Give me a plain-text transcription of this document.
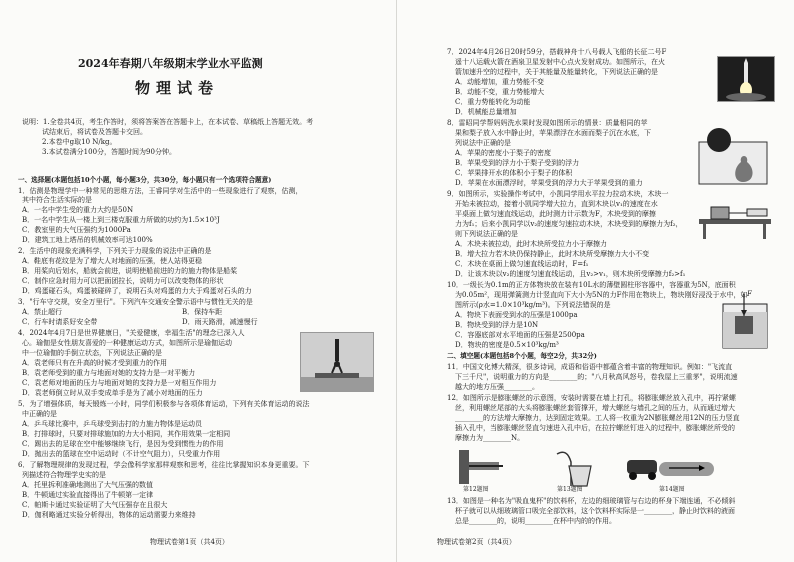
2024年春期八年级期末学业水平监测
物理试卷
说明：1.全卷共4页，考生作答时，须将答案答在答题卡上，在本试卷、草稿纸上答题无效。考
试结束后，将试卷及答题卡交回。
2.本卷中g取10 N/kg。
3.本试卷满分100分，答题时间为90分钟。
一、选择题(本题包括10个小题，每小题3分，共30分，每小题只有一个选项符合题意)
1．估测是物理学中一种常见的思维方法，王睿同学对生活中的一些现象进行了观察，估测，
其中符合生活实际的是
A．一名中学生受的重力大约是50N
B．一名中学生从一楼上到三楼克服重力所做的功约为1.5×10³J
C．教室里的大气压强约为1000Pa
D．建筑工地上塔吊的机械效率可达100%
2．生活中的现象充满科学，下列关于力现象的说法中正确的是
A．鞋底有花纹是为了增大人对地面的压强，使人站得更稳
B．用桨向后划水，船就会前进，说明使船前进的力的施力物体是船桨
C．制作应急时用力可以把面团拉长，说明力可以改变物体的形状
D．鸡蛋碰石头，鸡蛋被碰碎了，说明石头对鸡蛋的力大于鸡蛋对石头的力
3．"行车守交规，安全万里行"。下列汽车交通安全警示语中与惯性无关的是
A．禁止超行	B．保持车距
C．行车时请系好安全带	D．雨天路滑，减速慢行
4．2024年4月7日是世界健康日，"关爱健康，幸福生活"的理念已深入人
心。瑜伽是女性朋友喜爱的一种健康运动方式，如图所示是瑜伽运动
中一位瑜伽的手倒立状态，下列说法正确的是
A．袁老师只有在升高的时候才受到重力的作用
B．袁老师受到的重力与地面对她的支持力是一对平衡力
C．袁老师对地面的压力与地面对她的支持力是一对相互作用力
D．袁老师倒立时从双手变成单手是为了减小对地面的压力
5．为了增强体质，每天锻炼一小时，同学们积极参与各项体育运动，下列有关体育运动的说法
中正确的是
A．乒乓球比赛中，乒乓球受到击打的力施力物体是运动员
B．打排球时，只要对排球施加的力大小相同，其作用效果一定相同
C．踢出去的足球在空中能够继续飞行，是因为受到惯性力的作用
D．抛出去的篮球在空中运动时（不计空气阻力），只受重力作用
6．了解物理规律的发现过程，学会像科学家那样观察和思考，往往比掌握知识本身更重要。下
列描述符合物理学史实的是
A．托里拆利准确地测出了大气压强的数值
B．牛顿通过实验直接得出了牛顿第一定律
C．帕斯卡通过实验证明了大气压强存在且很大
D．伽利略通过实验分析得出，物体的运动需要力来维持
物理试卷第1页（共4页）
7．2024年4月26日20时59分，搭载神舟十八号载人飞船的长征二号F
遥十八运载火箭在酒泉卫星发射中心点火发射成功。如图所示，在火
箭加速升空的过程中，关于其能量及能量转化，下列说法正确的是
A．动能增加，重力势能不变
B．动能不变，重力势能增大
C．重力势能转化为动能
D．机械能总量增加
8．雷昭同学帮妈妈洗水果时发现如图所示的情景：质量相同的苹
果和梨子放入水中静止时，苹果漂浮在水面而梨子沉在水底，下
列说法中正确的是
A．苹果的密度小于梨子的密度
B．苹果受到的浮力小于梨子受到的浮力
C．苹果排开水的体积小于梨子的体积
D．苹果在水面漂浮时，苹果受到的浮力大于苹果受到的重力
9．如图所示，实验操作考试中，小凯同学用水平拉力拉动木块，木块一
开始未被拉动，接着小凯同学增大拉力，直到木块以v₁的速度在水
平桌面上做匀速直线运动，此时测力计示数为F，木块受到的摩擦
力为f₁；后来小凯同学以v₂的速度匀速拉动木块，木块受到的摩擦力为f₂，
则下列说法正确的是
A．木块未被拉动，此时木块所受拉力小于摩擦力
B．增大拉力若木块仍保持静止，此时木块所受摩擦力大小不变
C．木块在桌面上做匀速直线运动时，F=f₁
D．让该木块以v₂的速度匀速直线运动，且v₂>v₁，则木块所受摩擦力f₂>f₁
10．一级长为0.1m的正方体物块放在装有10L水的薄壁圆柱形容器中，容器重为5N，底面积
为0.05m²，现用弹簧测力计竖直向下大小为5N的力F作用在物块上，物块刚好浸没于水中，如
图所示(ρ水=1.0×10³kg/m³)。下列说法错误的是
A．物块下表面受到水的压强是1000pa
B．物块受到的浮力是10N
C．容器底部对水平地面的压强是2500pa
D．物块的密度是0.5×10³kg/m³
二、填空题(本题包括8个小题，每空2分，共32分)
11．中国文化博大精深，很多诗词，成语和俗语中都蕴含着丰富的物理知识。例如："飞流直
下三千尺"，说明重力的方向是________的；"八月秋高风怒号，卷我屋上三重茅"，说明流速
越大的地方压强________。
12．如图所示是膨胀螺丝的示意图，安装时需要在墙上打孔，将膨胀螺丝放入孔中，再拧紧螺
丝，利用螺丝尾部的大头将膨胀螺丝套管撑开，增大螺丝与墙孔之间的压力，从而通过增大
________的方法增大摩擦力，达到固定效果。工人将一枚重为2N膨胀螺丝用12N的压力竖直
插入孔中，当膨胀螺丝竖直匀速进入孔中后，在拉拧螺丝钉进入的过程中，膨胀螺丝所受的
摩擦力为________N。
第12题图	第13题图	第14题图
13．如图是一种名为"吸血鬼杯"的饮料杯，左边的细玻璃管与右边的杯身下端连通，不必倾斜
杯子就可以从细玻璃管口吸完全部饮料，这个饮料杯实际是一________，静止时饮料的液面
总是________的，说明________在杯中内的的作用。
F
物理试卷第2页（共4页）
